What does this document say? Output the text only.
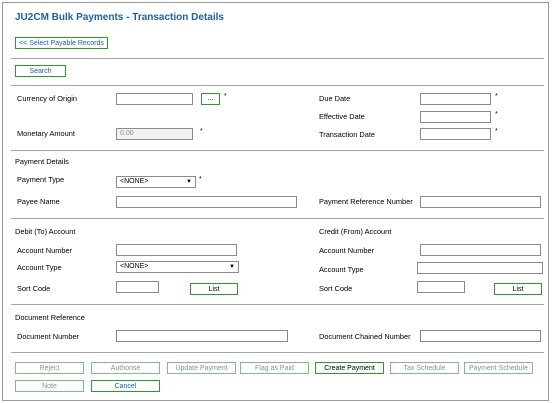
JU2CM Bulk Payments - Transaction Details
<< Select Payable Records
Search
Currency of Origin	...	*	Due Date	*
Effective Date	*
Monetary Amount	0.00	*	Transaction Date	*
Payment Details
Payment Type	<NONE>	▼ *
Payee Name	Payment Reference Number
Debit (To) Account	Credit (From) Account
Account Number	Account Number
Account Type	<NONE>	▼	Account Type
Sort Code	List	Sort Code	List
Document Reference
Document Number	Document Chained Number
Reject	Authorise	Update Payment	Flag as Paid	Create Payment	Tax Schedule	Payment Schedule
Note	Cancel
